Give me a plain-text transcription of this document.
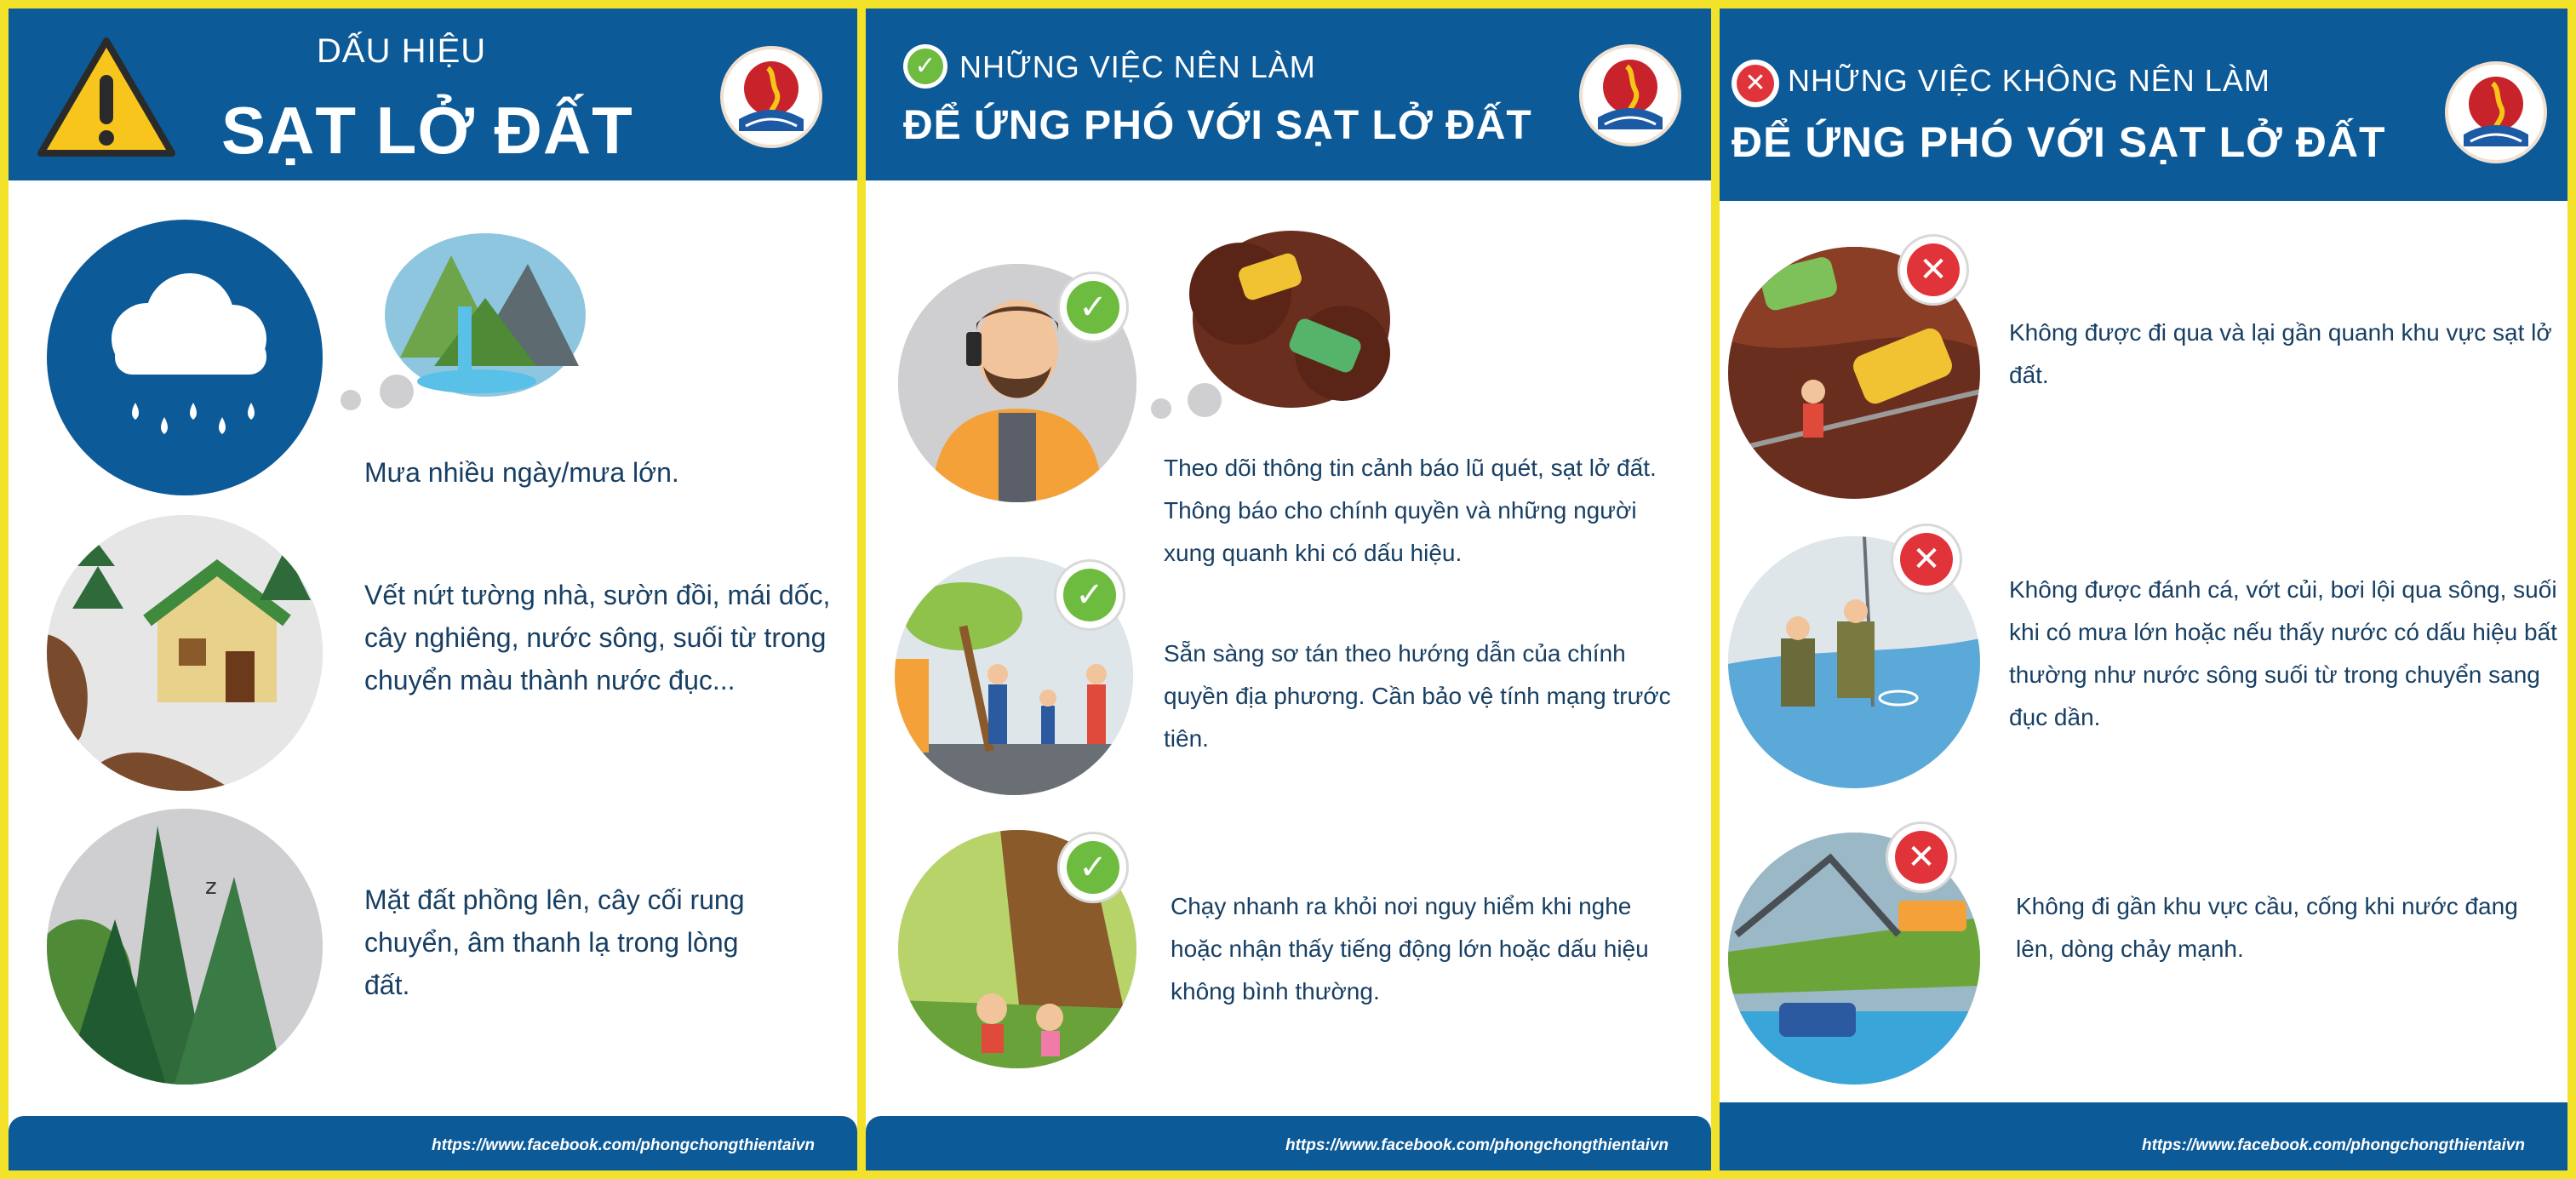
DẤU HIỆU
SẠT LỞ ĐẤT
Mưa nhiều ngày/mưa lớn.
Vết nứt tường nhà, sườn đồi, mái dốc, cây nghiêng, nước sông, suối từ trong chuyển màu thành nước đục...
z	Mặt đất phồng lên, cây cối rung chuyển, âm thanh lạ trong lòng đất.
https://www.facebook.com/phongchongthientaivn
✓ NHỮNG VIỆC NÊN LÀM
ĐỂ ỨNG PHÓ VỚI SẠT LỞ ĐẤT
✓
Theo dõi thông tin cảnh báo lũ quét, sạt lở đất. Thông báo cho chính quyền và những người xung quanh khi có dấu hiệu.
✓
Sẵn sàng sơ tán theo hướng dẫn của chính quyền địa phương. Cần bảo vệ tính mạng trước tiên.
✓
Chạy nhanh ra khỏi nơi nguy hiểm khi nghe hoặc nhận thấy tiếng động lớn hoặc dấu hiệu không bình thường.
https://www.facebook.com/phongchongthientaivn
✕ NHỮNG VIỆC KHÔNG NÊN LÀM
ĐỂ ỨNG PHÓ VỚI SẠT LỞ ĐẤT
✕
Không được đi qua và lại gần quanh khu vực sạt lở đất.
✕
Không được đánh cá, vớt củi, bơi lội qua sông, suối khi có mưa lớn hoặc nếu thấy nước có dấu hiệu bất thường như nước sông suối từ trong chuyển sang đục dần.
✕
Không đi gần khu vực cầu, cống khi nước đang lên, dòng chảy mạnh.
https://www.facebook.com/phongchongthientaivn
